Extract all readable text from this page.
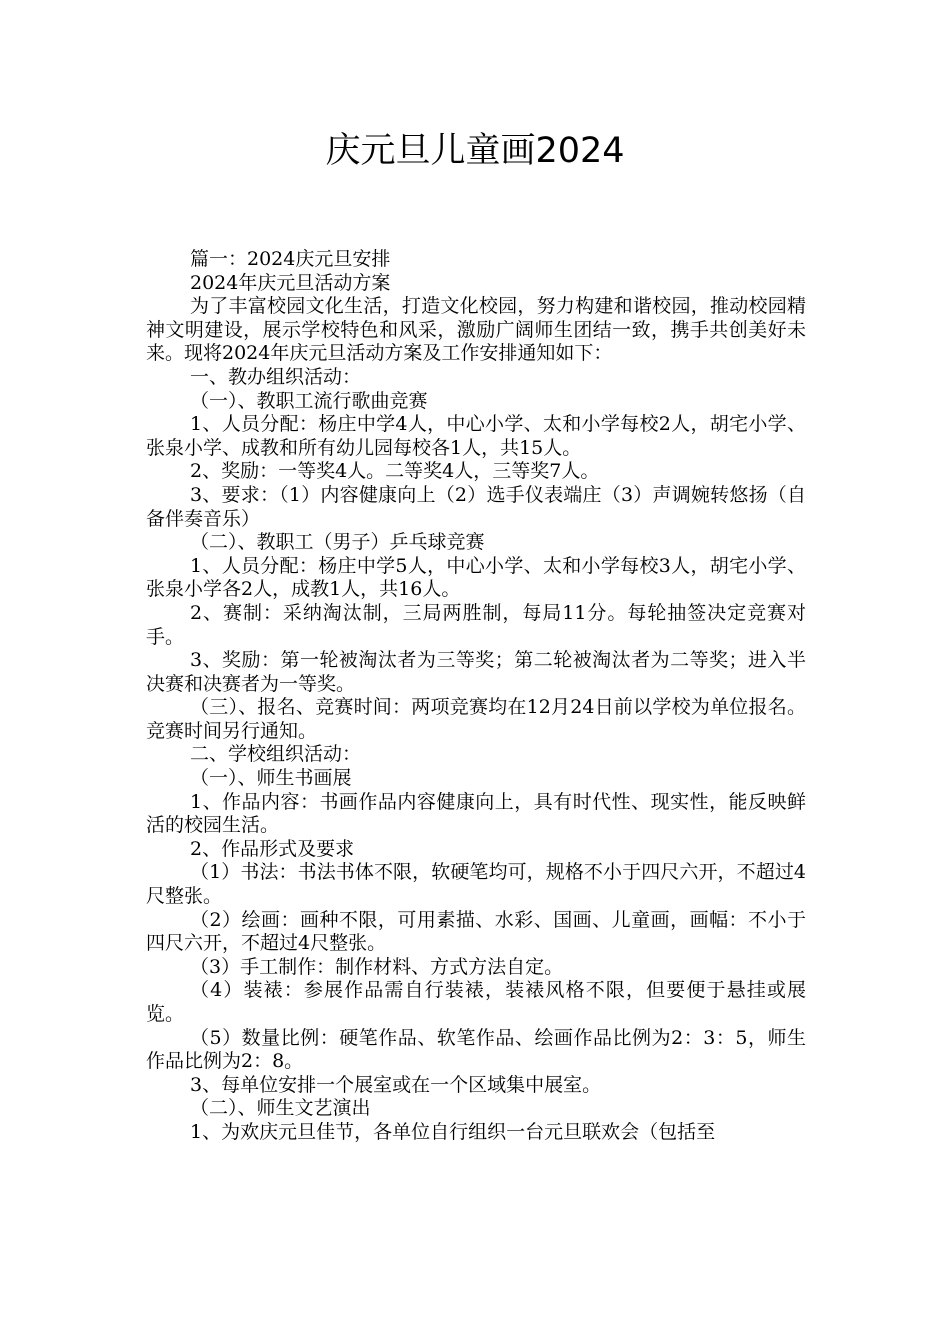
庆元旦儿童画2024

篇一：2024庆元旦安排

2024年庆元旦活动方案

为了丰富校园文化生活，打造文化校园，努力构建和谐校园，推动校园精神文明建设，展示学校特色和风采，激励广阔师生团结一致，携手共创美好未来。现将2024年庆元旦活动方案及工作安排通知如下：

一、教办组织活动：

（一）、教职工流行歌曲竞赛

1、人员分配：杨庄中学4人，中心小学、太和小学每校2人，胡宅小学、张泉小学、成教和所有幼儿园每校各1人，共15人。

2、奖励：一等奖4人。二等奖4人，三等奖7人。

3、要求：（1）内容健康向上（2）选手仪表端庄（3）声调婉转悠扬（自备伴奏音乐）

（二）、教职工（男子）乒乓球竞赛

1、人员分配：杨庄中学5人，中心小学、太和小学每校3人，胡宅小学、张泉小学各2人，成教1人，共16人。

2、赛制：采纳淘汰制，三局两胜制，每局11分。每轮抽签决定竞赛对手。

3、奖励：第一轮被淘汰者为三等奖；第二轮被淘汰者为二等奖；进入半决赛和决赛者为一等奖。

（三）、报名、竞赛时间：两项竞赛均在12月24日前以学校为单位报名。竞赛时间另行通知。

二、学校组织活动：

（一）、师生书画展

1、作品内容：书画作品内容健康向上，具有时代性、现实性，能反映鲜活的校园生活。

2、作品形式及要求

（1）书法：书法书体不限，软硬笔均可，规格不小于四尺六开，不超过4尺整张。

（2）绘画：画种不限，可用素描、水彩、国画、儿童画，画幅：不小于四尺六开，不超过4尺整张。

（3）手工制作：制作材料、方式方法自定。

（4）装裱：参展作品需自行装裱，装裱风格不限，但要便于悬挂或展览。

（5）数量比例：硬笔作品、软笔作品、绘画作品比例为2：3：5，师生作品比例为2：8。

3、每单位安排一个展室或在一个区域集中展室。

（二）、师生文艺演出

1、为欢庆元旦佳节，各单位自行组织一台元旦联欢会（包括至
